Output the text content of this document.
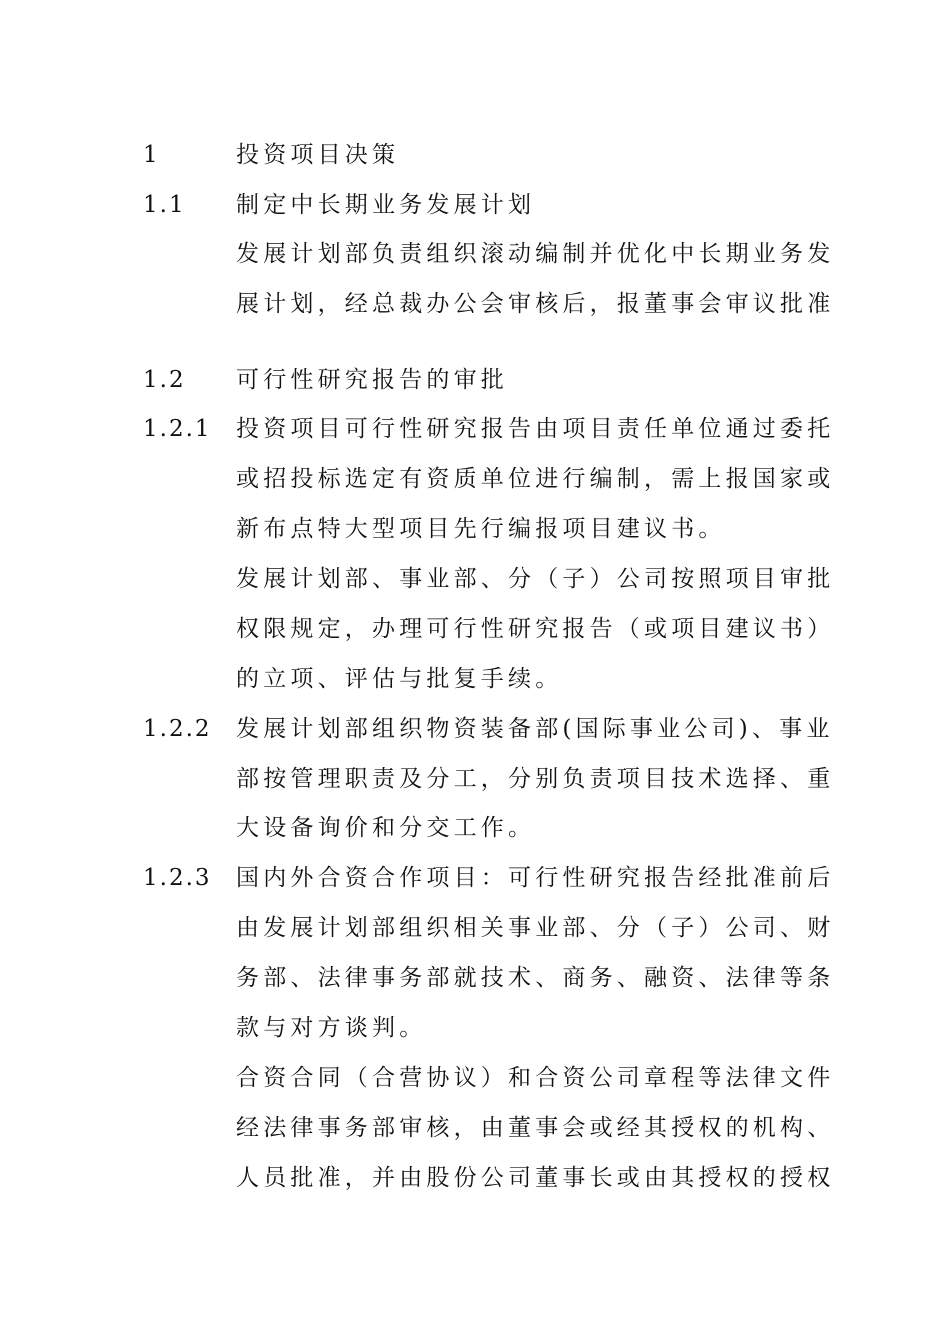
1	投资项目决策
1.1 制定中长期业务发展计划
发展计划部负责组织滚动编制并优化中长期业务发
展计划，经总裁办公会审核后，报董事会审议批准
1.2 可行性研究报告的审批
1.2.1 投资项目可行性研究报告由项目责任单位通过委托
或招投标选定有资质单位进行编制，需上报国家或
新布点特大型项目先行编报项目建议书。
发展计划部、事业部、分（子）公司按照项目审批
权限规定，办理可行性研究报告（或项目建议书）
的立项、评估与批复手续。
1.2.2 发展计划部组织物资装备部(国际事业公司)、事业
部按管理职责及分工，分别负责项目技术选择、重
大设备询价和分交工作。
1.2.3 国内外合资合作项目：可行性研究报告经批准前后
由发展计划部组织相关事业部、分（子）公司、财
务部、法律事务部就技术、商务、融资、法律等条
款与对方谈判。
合资合同（合营协议）和合资公司章程等法律文件
经法律事务部审核，由董事会或经其授权的机构、
人员批准，并由股份公司董事长或由其授权的授权
